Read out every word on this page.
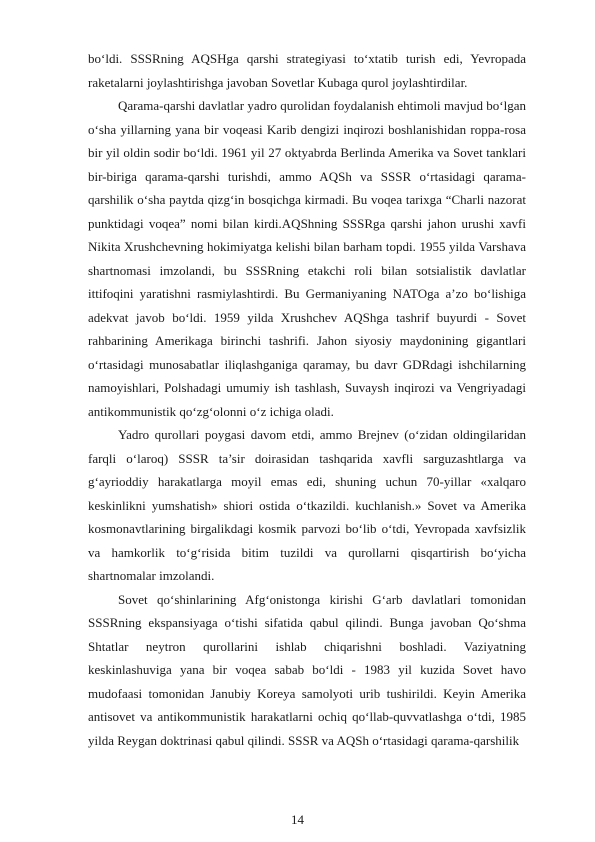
bo‘ldi. SSSRning AQSHga qarshi strategiyasi to‘xtatib turish edi, Yevropada raketalarni joylashtirishga javoban Sovetlar Kubaga qurol joylashtirdilar.

Qarama-qarshi davlatlar yadro qurolidan foydalanish ehtimoli mavjud bo‘lgan o‘sha yillarning yana bir voqeasi Karib dengizi inqirozi boshlanishidan roppa-rosa bir yil oldin sodir bo‘ldi. 1961 yil 27 oktyabrda Berlinda Amerika va Sovet tanklari bir-biriga qarama-qarshi turishdi, ammo AQSh va SSSR o‘rtasidagi qarama-qarshilik o‘sha paytda qizg‘in bosqichga kirmadi. Bu voqea tarixga “Charli nazorat punktidagi voqea” nomi bilan kirdi.AQShning SSSRga qarshi jahon urushi xavfi Nikita Xrushchevning hokimiyatga kelishi bilan barham topdi. 1955 yilda Varshava shartnomasi imzolandi, bu SSSRning etakchi roli bilan sotsialistik davlatlar ittifoqini yaratishni rasmiylashtirdi. Bu Germaniyaning NATOga a’zo bo‘lishiga adekvat javob bo‘ldi. 1959 yilda Xrushchev AQShga tashrif buyurdi - Sovet rahbarining Amerikaga birinchi tashrifi. Jahon siyosiy maydonining gigantlari o‘rtasidagi munosabatlar iliqlashganiga qaramay, bu davr GDRdagi ishchilarning namoyishlari, Polshadagi umumiy ish tashlash, Suvaysh inqirozi va Vengriyadagi antikommunistik qo‘zg‘olonni o‘z ichiga oladi.

Yadro qurollari poygasi davom etdi, ammo Brejnev (o‘zidan oldingilaridan farqli o‘laroq) SSSR ta’sir doirasidan tashqarida xavfli sarguzashtlarga va g‘ayrioddiy harakatlarga moyil emas edi, shuning uchun 70-yillar «xalqaro keskinlikni yumshatish» shiori ostida o‘tkazildi. kuchlanish.» Sovet va Amerika kosmonavtlarining birgalikdagi kosmik parvozi bo‘lib o‘tdi, Yevropada xavfsizlik va hamkorlik to‘g‘risida bitim tuzildi va qurollarni qisqartirish bo‘yicha shartnomalar imzolandi.

Sovet qo‘shinlarining Afg‘onistonga kirishi G‘arb davlatlari tomonidan SSSRning ekspansiyaga o‘tishi sifatida qabul qilindi. Bunga javoban Qo‘shma Shtatlar neytron qurollarini ishlab chiqarishni boshladi. Vaziyatning keskinlashuviga yana bir voqea sabab bo‘ldi - 1983 yil kuzida Sovet havo mudofaasi tomonidan Janubiy Koreya samolyoti urib tushirildi. Keyin Amerika antisovet va antikommunistik harakatlarni ochiq qo‘llab-quvvatlashga o‘tdi, 1985 yilda Reygan doktrinasi qabul qilindi. SSSR va AQSh o‘rtasidagi qarama-qarshilik

14
